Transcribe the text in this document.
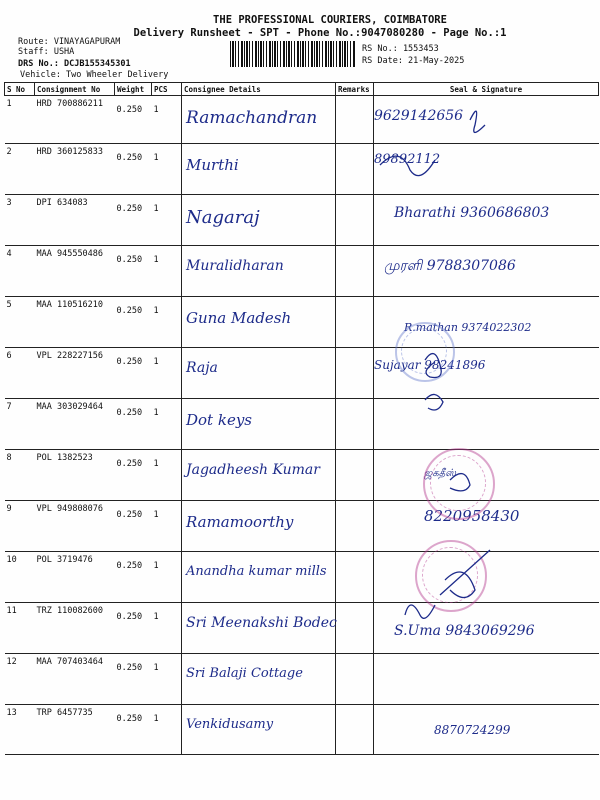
THE PROFESSIONAL COURIERS, COIMBATORE
Delivery Runsheet - SPT - Phone No.:9047080280 - Page No.:1
Route: VINAYAGAPURAM
Staff: USHA
DRS No.: DCJB155345301
Vehicle: Two Wheeler Delivery
RS No.: 1553453
RS Date: 21-May-2025
S No	Consignment No	Weight	PCS	Consignee Details	Remarks	Seal & Signature
1	HRD 700886211	0.250	1	Ramachandran		9629142656

2	HRD 360125833	0.250	1	Murthi		89892112

3	DPI 634083	0.250	1	Nagaraj		Bharathi 9360686803

4	MAA 945550486	0.250	1	Muralidharan		முரளி 9788307086

5	MAA 110516210	0.250	1	Guna Madesh		R.mathan 9374022302

6	VPL 228227156	0.250	1	Raja		Sujayar 98241896

7	MAA 303029464	0.250	1	Dot keys		

8	POL 1382523	0.250	1	Jagadheesh Kumar		ஜகதீஸ்

9	VPL 949808076	0.250	1	Ramamoorthy		8220958430

10	POL 3719476	0.250	1	Anandha kumar mills		

11	TRZ 110082600	0.250	1	Sri Meenakshi Bodec		S.Uma 9843069296

12	MAA 707403464	0.250	1	Sri Balaji Cottage		

13	TRP 6457735	0.250	1	Venkidusamy		8870724299
